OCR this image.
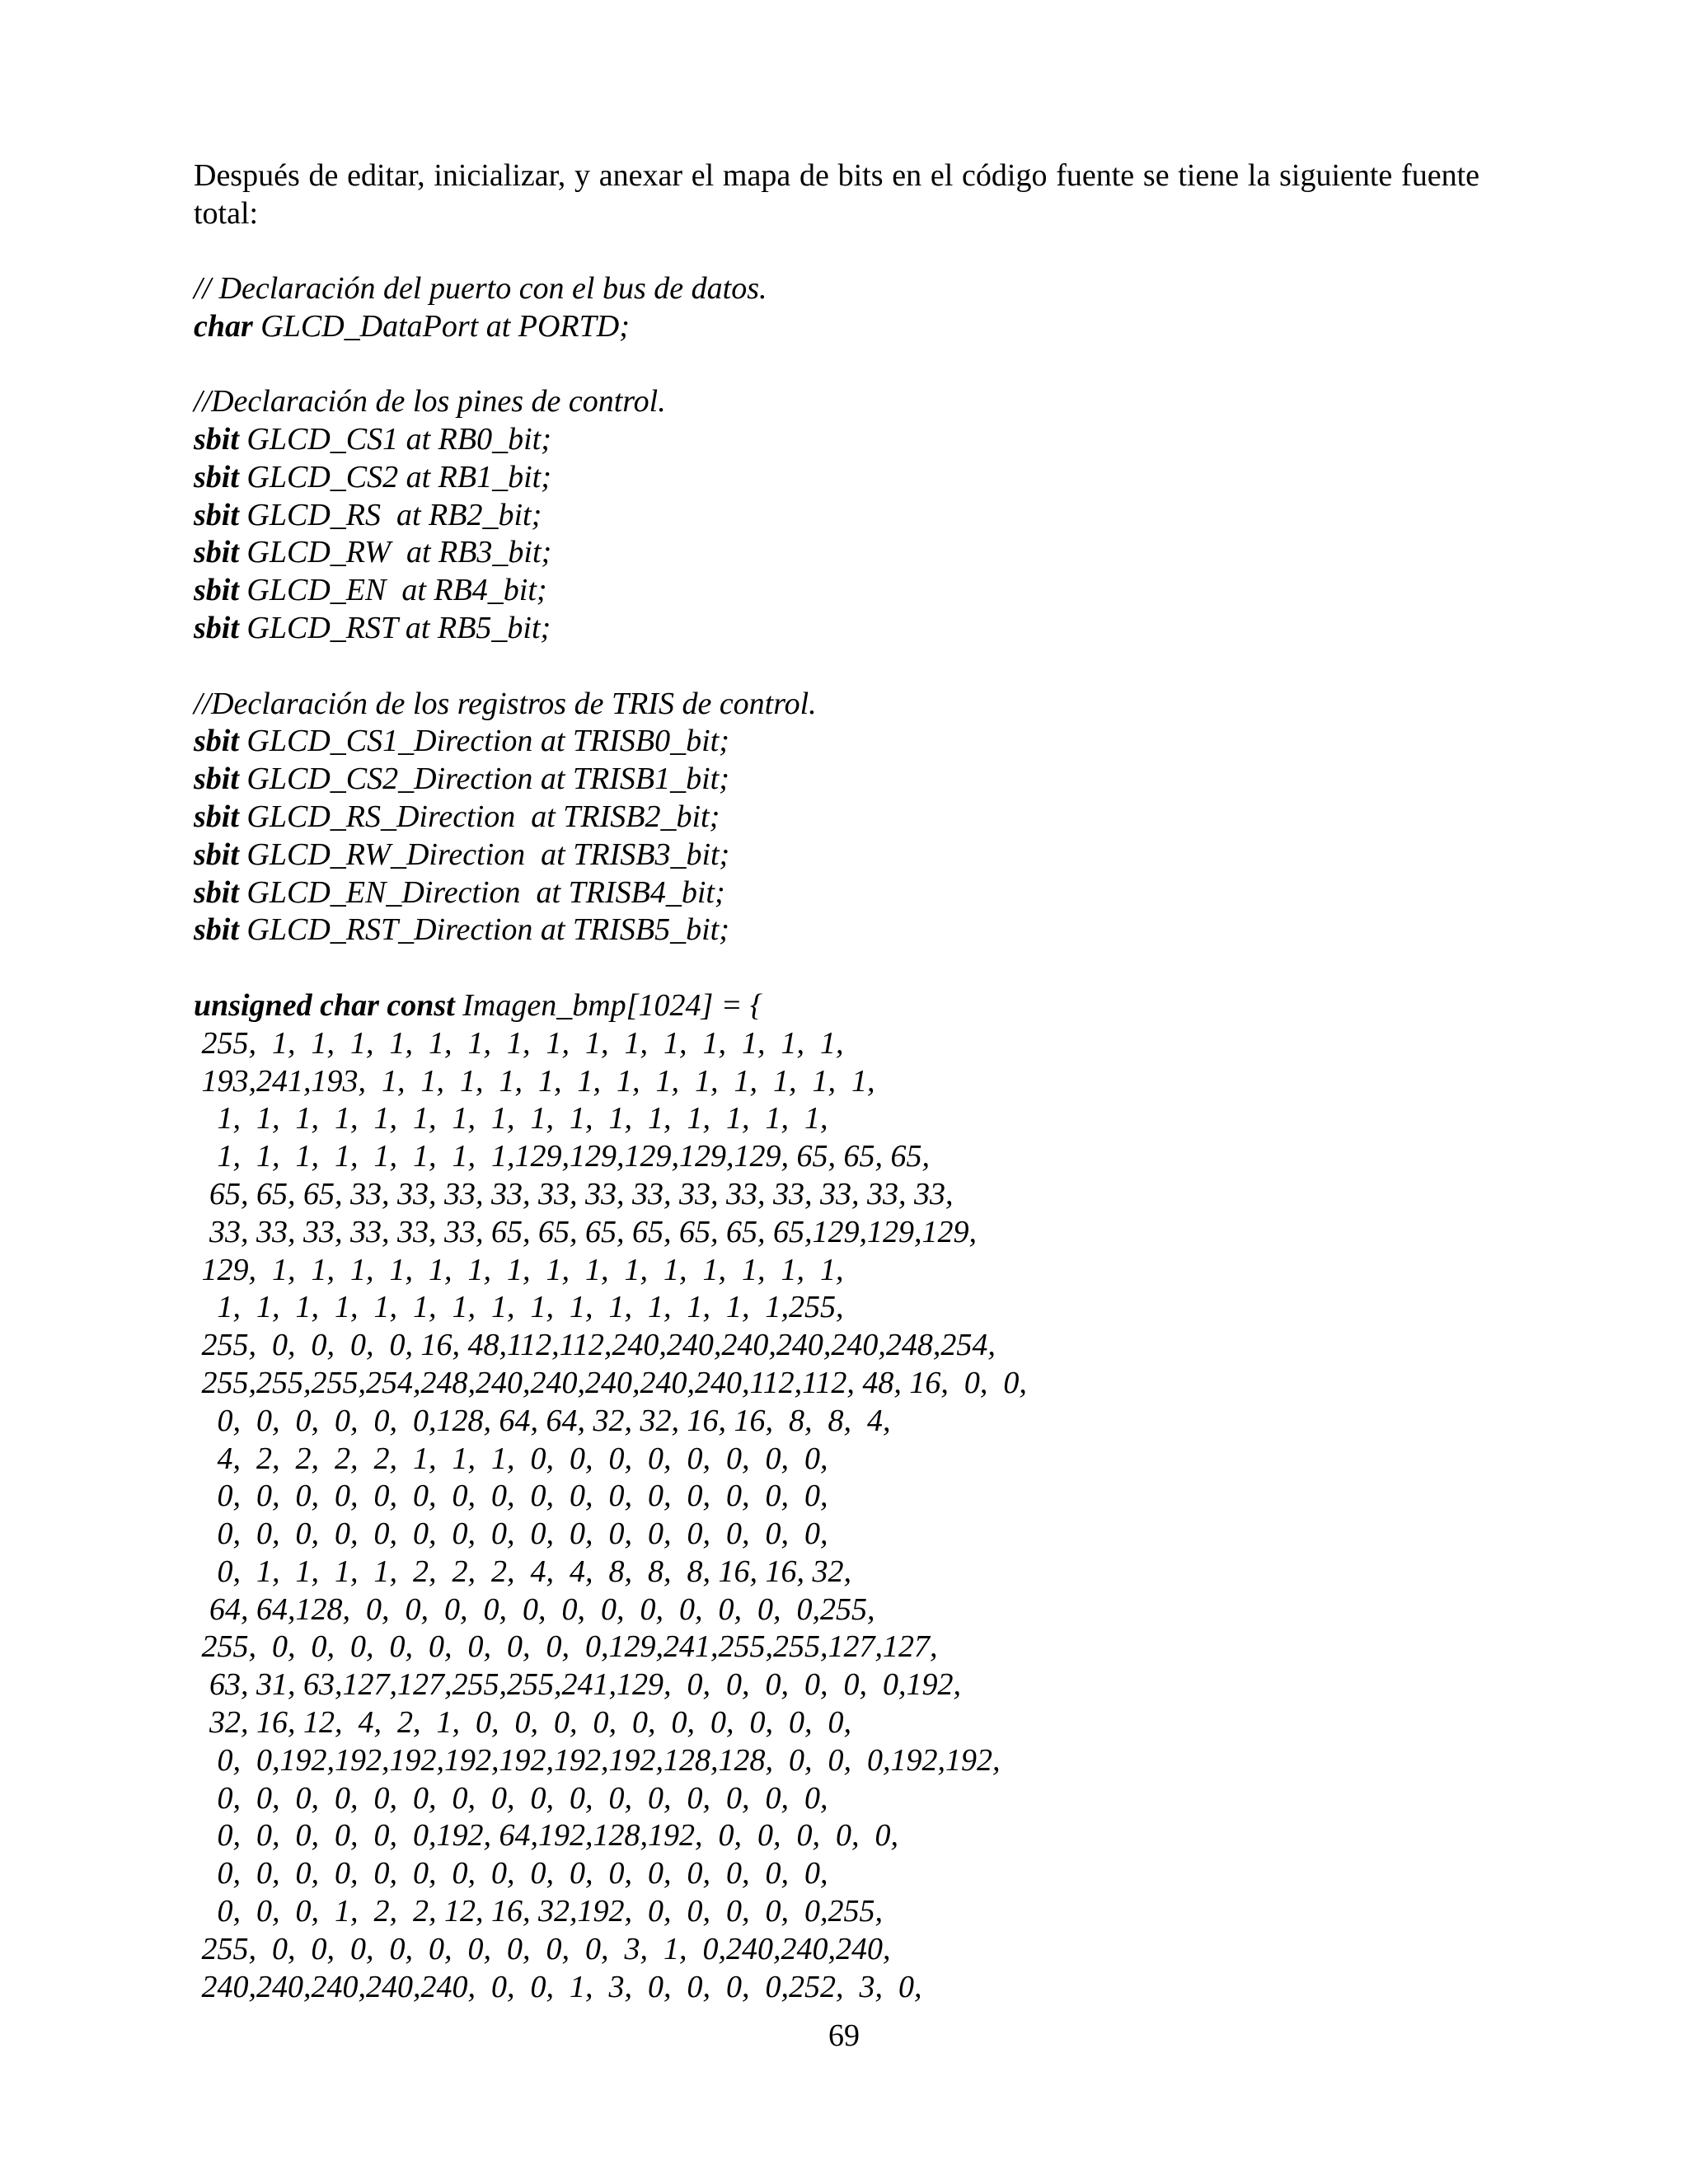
Después de editar, inicializar, y anexar el mapa de bits en el código fuente se tiene la siguiente fuente total:

// Declaración del puerto con el bus de datos.
char GLCD_DataPort at PORTD;
//Declaración de los pines de control.
sbit GLCD_CS1 at RB0_bit;
sbit GLCD_CS2 at RB1_bit;
sbit GLCD_RS  at RB2_bit;
sbit GLCD_RW  at RB3_bit;
sbit GLCD_EN  at RB4_bit;
sbit GLCD_RST at RB5_bit;
//Declaración de los registros de TRIS de control.
sbit GLCD_CS1_Direction at TRISB0_bit;
sbit GLCD_CS2_Direction at TRISB1_bit;
sbit GLCD_RS_Direction  at TRISB2_bit;
sbit GLCD_RW_Direction  at TRISB3_bit;
sbit GLCD_EN_Direction  at TRISB4_bit;
sbit GLCD_RST_Direction at TRISB5_bit;
unsigned char const Imagen_bmp[1024] = {
255,  1,  1,  1,  1,  1,  1,  1,  1,  1,  1,  1,  1,  1,  1,  1,
193,241,193,  1,  1,  1,  1,  1,  1,  1,  1,  1,  1,  1,  1,  1,
1,  1,  1,  1,  1,  1,  1,  1,  1,  1,  1,  1,  1,  1,  1,  1,
1,  1,  1,  1,  1,  1,  1,  1,129,129,129,129,129, 65, 65, 65,
65, 65, 65, 33, 33, 33, 33, 33, 33, 33, 33, 33, 33, 33, 33, 33,
33, 33, 33, 33, 33, 33, 65, 65, 65, 65, 65, 65, 65,129,129,129,
129,  1,  1,  1,  1,  1,  1,  1,  1,  1,  1,  1,  1,  1,  1,  1,
1,  1,  1,  1,  1,  1,  1,  1,  1,  1,  1,  1,  1,  1,  1,255,
255,  0,  0,  0,  0, 16, 48,112,112,240,240,240,240,240,248,254,
255,255,255,254,248,240,240,240,240,240,112,112, 48, 16,  0,  0,
0,  0,  0,  0,  0,  0,128, 64, 64, 32, 32, 16, 16,  8,  8,  4,
4,  2,  2,  2,  2,  1,  1,  1,  0,  0,  0,  0,  0,  0,  0,  0,
0,  0,  0,  0,  0,  0,  0,  0,  0,  0,  0,  0,  0,  0,  0,  0,
0,  0,  0,  0,  0,  0,  0,  0,  0,  0,  0,  0,  0,  0,  0,  0,
0,  1,  1,  1,  1,  2,  2,  2,  4,  4,  8,  8,  8, 16, 16, 32,
64, 64,128,  0,  0,  0,  0,  0,  0,  0,  0,  0,  0,  0,  0,255,
255,  0,  0,  0,  0,  0,  0,  0,  0,  0,129,241,255,255,127,127,
63, 31, 63,127,127,255,255,241,129,  0,  0,  0,  0,  0,  0,192,
32, 16, 12,  4,  2,  1,  0,  0,  0,  0,  0,  0,  0,  0,  0,  0,
0,  0,192,192,192,192,192,192,192,128,128,  0,  0,  0,192,192,
0,  0,  0,  0,  0,  0,  0,  0,  0,  0,  0,  0,  0,  0,  0,  0,
0,  0,  0,  0,  0,  0,192, 64,192,128,192,  0,  0,  0,  0,  0,
0,  0,  0,  0,  0,  0,  0,  0,  0,  0,  0,  0,  0,  0,  0,  0,
0,  0,  0,  1,  2,  2, 12, 16, 32,192,  0,  0,  0,  0,  0,255,
255,  0,  0,  0,  0,  0,  0,  0,  0,  0,  3,  1,  0,240,240,240,
240,240,240,240,240,  0,  0,  1,  3,  0,  0,  0,  0,252,  3,  0,
69
